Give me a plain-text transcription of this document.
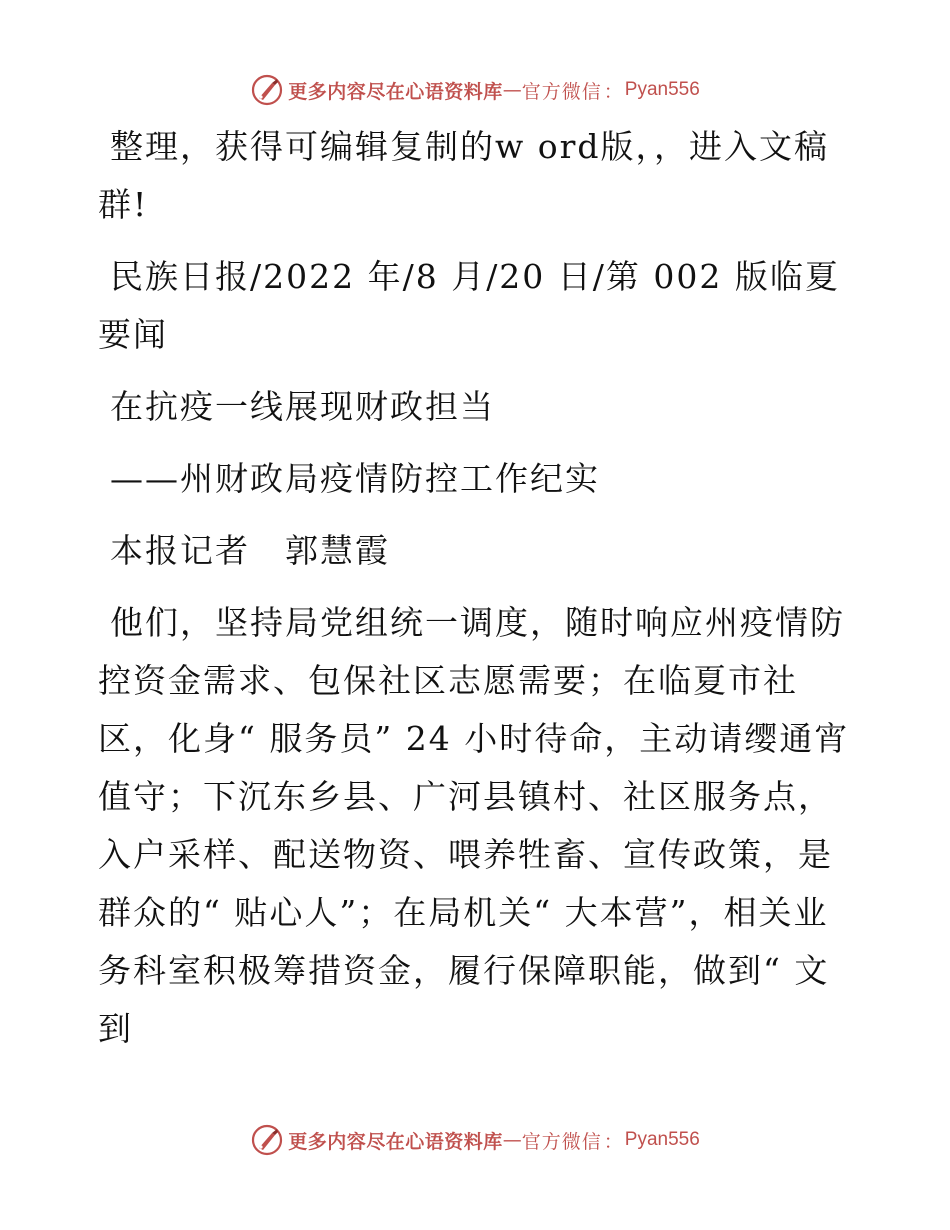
更多内容尽在心语资料库 — 官方微信 ： Pyan556

整理，获得可编辑复制的w ord版，，进入文稿群!

民族日报/2022 年/8 月/20 日/第 002 版临夏要闻

在抗疫一线展现财政担当

——州财政局疫情防控工作纪实

本报记者　郭慧霞

他们，坚持局党组统一调度，随时响应州疫情防控资金需求、包保社区志愿需要；在临夏市社区，化身“ 服务员” 24 小时待命，主动请缨通宵值守；下沉东乡县、广河县镇村、社区服务点，入户采样、配送物资、喂养牲畜、宣传政策，是群众的“ 贴心人”；在局机关“ 大本营”，相关业务科室积极筹措资金，履行保障职能，做到“ 文到

更多内容尽在心语资料库 — 官方微信 ： Pyan556
